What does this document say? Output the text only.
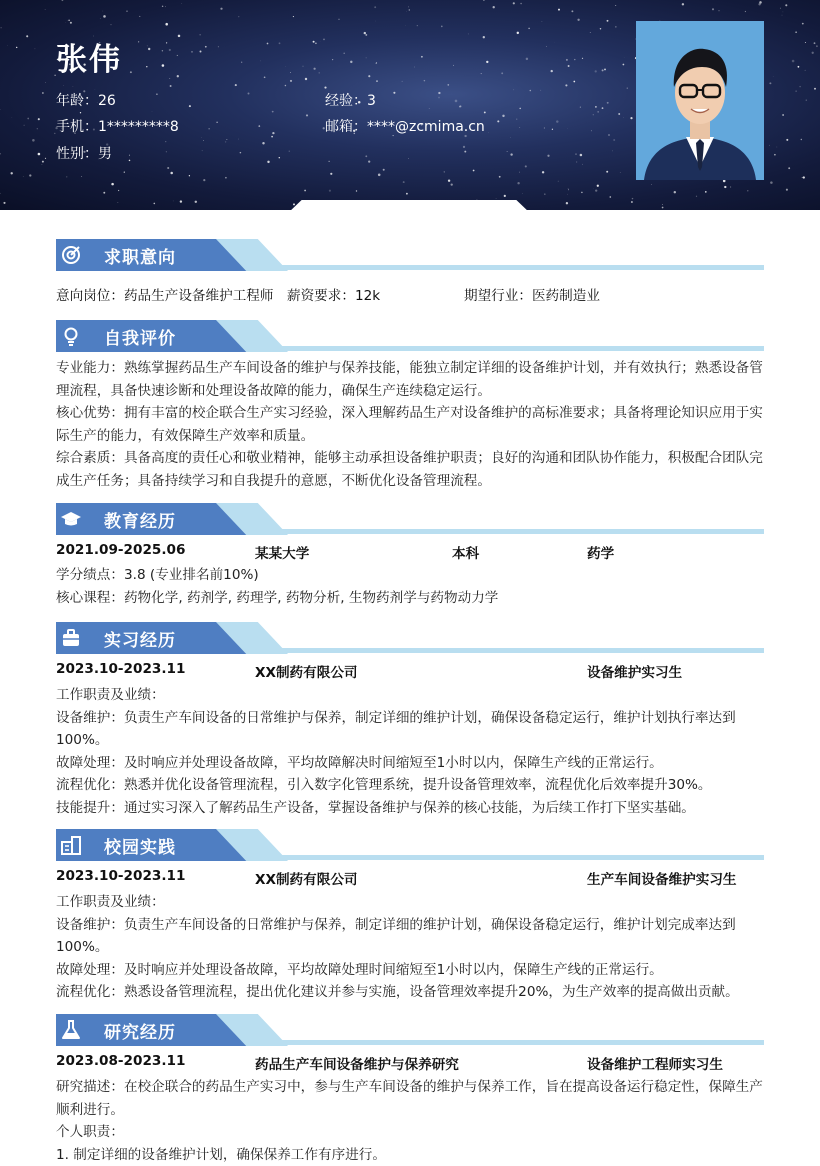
张伟
年龄：26
手机：1*********8
性别：男
经验：3
邮箱：****@zcmima.cn
求职意向
意向岗位：药品生产设备维护工程师 薪资要求：12k	期望行业：医药制造业
自我评价

专业能力：熟练掌握药品生产车间设备的维护与保养技能，能独立制定详细的设备维护计划，并有效执行；熟悉设备管理流程，具备快速诊断和处理设备故障的能力，确保生产连续稳定运行。

核心优势：拥有丰富的校企联合生产实习经验，深入理解药品生产对设备维护的高标准要求；具备将理论知识应用于实际生产的能力，有效保障生产效率和质量。

综合素质：具备高度的责任心和敬业精神，能够主动承担设备维护职责；良好的沟通和团队协作能力，积极配合团队完成生产任务；具备持续学习和自我提升的意愿，不断优化设备管理流程。

教育经历
2021.09-2025.06	某某大学	本科	药学

学分绩点：3.8 (专业排名前10%)

核心课程：药物化学, 药剂学, 药理学, 药物分析, 生物药剂学与药物动力学

实习经历
2023.10-2023.11	XX制药有限公司	设备维护实习生

工作职责及业绩：

设备维护：负责生产车间设备的日常维护与保养，制定详细的维护计划，确保设备稳定运行，维护计划执行率达到100%。

故障处理：及时响应并处理设备故障，平均故障解决时间缩短至1小时以内，保障生产线的正常运行。

流程优化：熟悉并优化设备管理流程，引入数字化管理系统，提升设备管理效率，流程优化后效率提升30%。

技能提升：通过实习深入了解药品生产设备，掌握设备维护与保养的核心技能，为后续工作打下坚实基础。

校园实践
2023.10-2023.11	XX制药有限公司	生产车间设备维护实习生

工作职责及业绩：

设备维护：负责生产车间设备的日常维护与保养，制定详细的维护计划，确保设备稳定运行，维护计划完成率达到100%。

故障处理：及时响应并处理设备故障，平均故障处理时间缩短至1小时以内，保障生产线的正常运行。

流程优化：熟悉设备管理流程，提出优化建议并参与实施，设备管理效率提升20%，为生产效率的提高做出贡献。

研究经历
2023.08-2023.11	药品生产车间设备维护与保养研究	设备维护工程师实习生

研究描述：在校企联合的药品生产实习中，参与生产车间设备的维护与保养工作，旨在提高设备运行稳定性，保障生产顺利进行。

个人职责：

1. 制定详细的设备维护计划，确保保养工作有序进行。
